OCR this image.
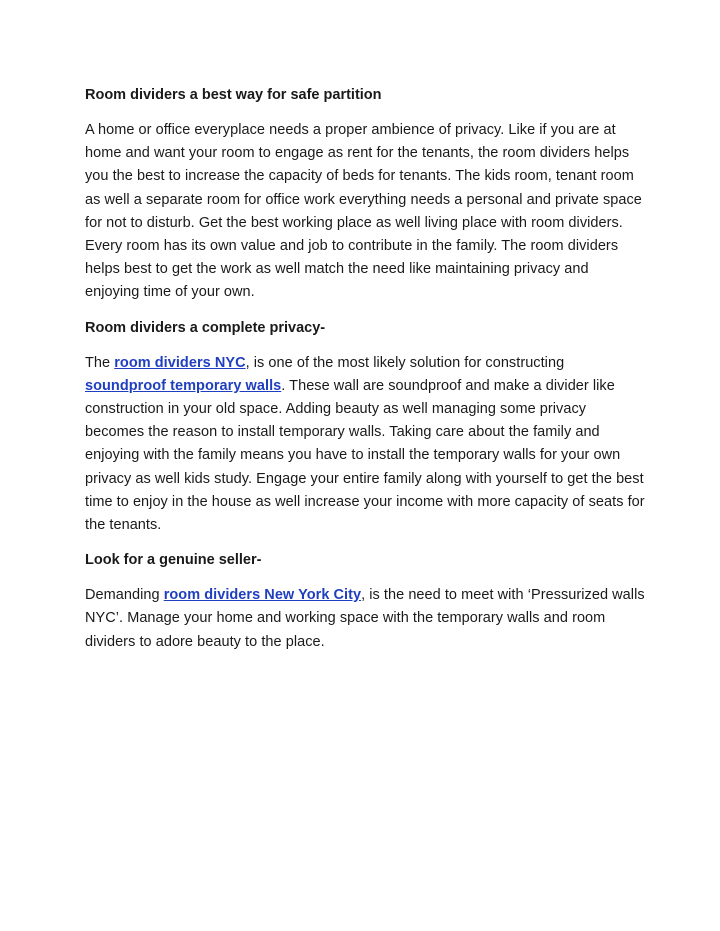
Room dividers a best way for safe partition
A home or office everyplace needs a proper ambience of privacy. Like if you are at home and want your room to engage as rent for the tenants, the room dividers helps you the best to increase the capacity of beds for tenants. The kids room, tenant room as well a separate room for office work everything needs a personal and private space for not to disturb. Get the best working place as well living place with room dividers. Every room has its own value and job to contribute in the family. The room dividers helps best to get the work as well match the need like maintaining privacy and enjoying time of your own.
Room dividers a complete privacy-
The room dividers NYC, is one of the most likely solution for constructing soundproof temporary walls. These wall are soundproof and make a divider like construction in your old space. Adding beauty as well managing some privacy becomes the reason to install temporary walls. Taking care about the family and enjoying with the family means you have to install the temporary walls for your own privacy as well kids study. Engage your entire family along with yourself to get the best time to enjoy in the house as well increase your income with more capacity of seats for the tenants.
Look for a genuine seller-
Demanding room dividers New York City, is the need to meet with ‘Pressurized walls NYC’. Manage your home and working space with the temporary walls and room dividers to adore beauty to the place.
